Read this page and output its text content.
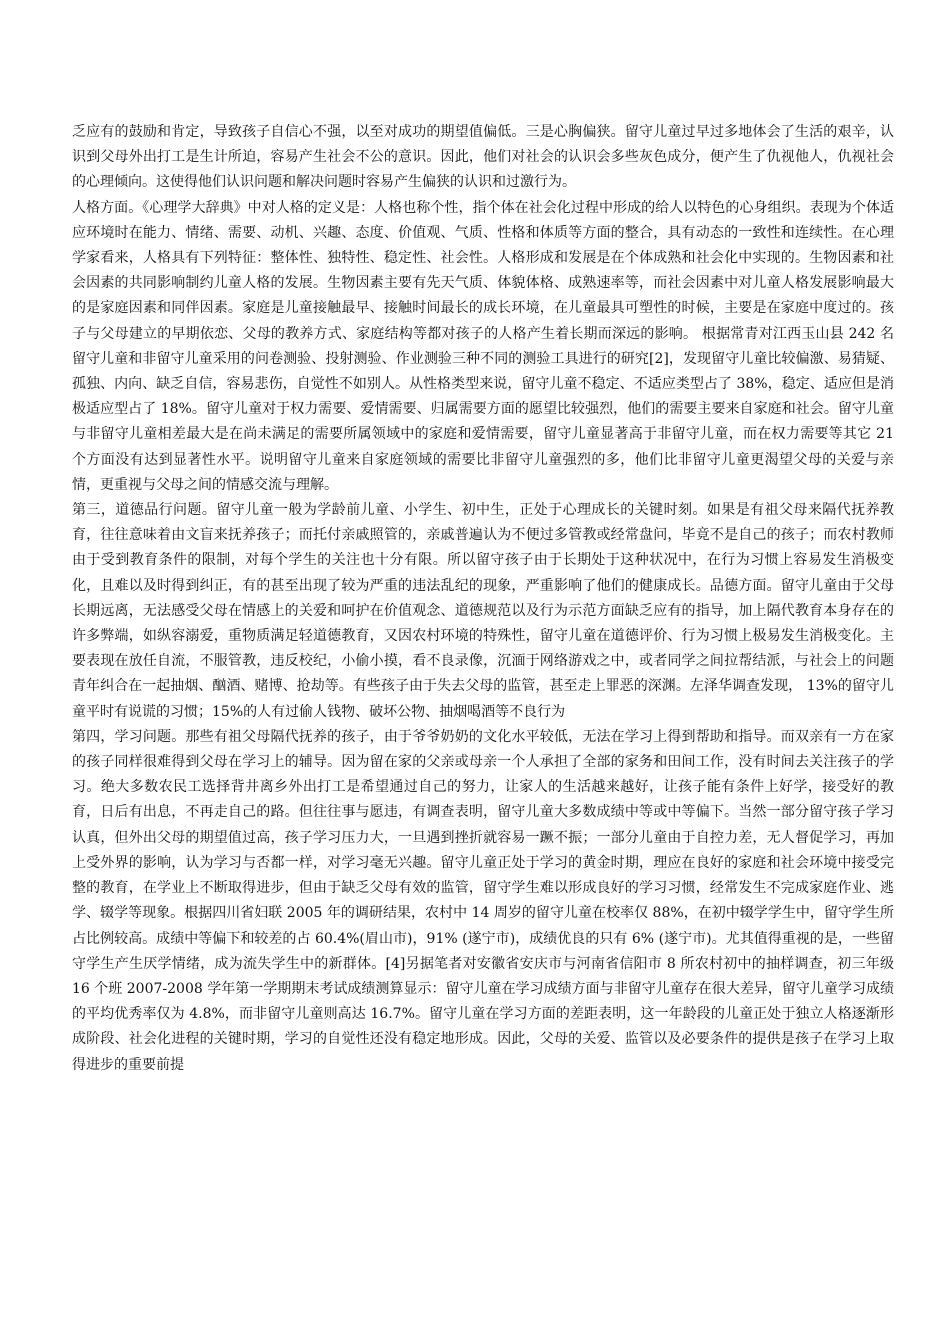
乏应有的鼓励和肯定，导致孩子自信心不强，以至对成功的期望值偏低。三是心胸偏狭。留守儿童过早过多地体会了生活的艰辛，认识到父母外出打工是生计所迫，容易产生社会不公的意识。因此，他们对社会的认识会多些灰色成分，便产生了仇视他人，仇视社会的心理倾向。这使得他们认识问题和解决问题时容易产生偏狭的认识和过激行为。

人格方面。《心理学大辞典》中对人格的定义是：人格也称个性，指个体在社会化过程中形成的给人以特色的心身组织。表现为个体适应环境时在能力、情绪、需要、动机、兴趣、态度、价值观、气质、性格和体质等方面的整合，具有动态的一致性和连续性。在心理学家看来，人格具有下列特征：整体性、独特性、稳定性、社会性。人格形成和发展是在个体成熟和社会化中实现的。生物因素和社会因素的共同影响制约儿童人格的发展。生物因素主要有先天气质、体貌体格、成熟速率等，而社会因素中对儿童人格发展影响最大的是家庭因素和同伴因素。家庭是儿童接触最早、接触时间最长的成长环境，在儿童最具可塑性的时候，主要是在家庭中度过的。孩子与父母建立的早期依恋、父母的教养方式、家庭结构等都对孩子的人格产生着长期而深远的影响。 根据常青对江西玉山县 242 名留守儿童和非留守儿童采用的问卷测验、投射测验、作业测验三种不同的测验工具进行的研究[2]，发现留守儿童比较偏激、易猜疑、孤独、内向、缺乏自信，容易悲伤，自觉性不如别人。从性格类型来说，留守儿童不稳定、不适应类型占了 38%，稳定、适应但是消极适应型占了 18%。留守儿童对于权力需要、爱情需要、归属需要方面的愿望比较强烈，他们的需要主要来自家庭和社会。留守儿童与非留守儿童相差最大是在尚未满足的需要所属领域中的家庭和爱情需要，留守儿童显著高于非留守儿童，而在权力需要等其它 21 个方面没有达到显著性水平。说明留守儿童来自家庭领域的需要比非留守儿童强烈的多，他们比非留守儿童更渴望父母的关爱与亲情，更重视与父母之间的情感交流与理解。

第三，道德品行问题。留守儿童一般为学龄前儿童、小学生、初中生，正处于心理成长的关键时刻。如果是有祖父母来隔代抚养教育，往往意味着由文盲来抚养孩子；而托付亲戚照管的，亲戚普遍认为不便过多管教或经常盘问，毕竟不是自己的孩子；而农村教师由于受到教育条件的限制，对每个学生的关注也十分有限。所以留守孩子由于长期处于这种状况中，在行为习惯上容易发生消极变化，且难以及时得到纠正，有的甚至出现了较为严重的违法乱纪的现象，严重影响了他们的健康成长。品德方面。留守儿童由于父母长期远离，无法感受父母在情感上的关爱和呵护在价值观念、道德规范以及行为示范方面缺乏应有的指导，加上隔代教育本身存在的许多弊端，如纵容溺爱，重物质满足轻道德教育，又因农村环境的特殊性，留守儿童在道德评价、行为习惯上极易发生消极变化。主要表现在放任自流，不服管教，违反校纪，小偷小摸，看不良录像，沉湎于网络游戏之中，或者同学之间拉帮结派，与社会上的问题青年纠合在一起抽烟、酗酒、赌博、抢劫等。有些孩子由于失去父母的监管，甚至走上罪恶的深渊。左泽华调查发现， 13%的留守儿童平时有说谎的习惯；15%的人有过偷人钱物、破坏公物、抽烟喝酒等不良行为

第四，学习问题。那些有祖父母隔代抚养的孩子，由于爷爷奶奶的文化水平较低，无法在学习上得到帮助和指导。而双亲有一方在家的孩子同样很难得到父母在学习上的辅导。因为留在家的父亲或母亲一个人承担了全部的家务和田间工作，没有时间去关注孩子的学习。绝大多数农民工选择背井离乡外出打工是希望通过自己的努力，让家人的生活越来越好，让孩子能有条件上好学，接受好的教育，日后有出息，不再走自己的路。但往往事与愿违，有调查表明，留守儿童大多数成绩中等或中等偏下。当然一部分留守孩子学习认真，但外出父母的期望值过高，孩子学习压力大，一旦遇到挫折就容易一蹶不振；一部分儿童由于自控力差，无人督促学习，再加上受外界的影响，认为学习与否都一样，对学习毫无兴趣。留守儿童正处于学习的黄金时期，理应在良好的家庭和社会环境中接受完整的教育，在学业上不断取得进步，但由于缺乏父母有效的监管，留守学生难以形成良好的学习习惯，经常发生不完成家庭作业、逃学、辍学等现象。根据四川省妇联 2005 年的调研结果，农村中 14 周岁的留守儿童在校率仅 88%，在初中辍学学生中，留守学生所占比例较高。成绩中等偏下和较差的占 60.4%(眉山市)，91% (遂宁市)，成绩优良的只有 6% (遂宁市)。尤其值得重视的是，一些留守学生产生厌学情绪，成为流失学生中的新群体。[4]另据笔者对安徽省安庆市与河南省信阳市 8 所农村初中的抽样调查，初三年级 16 个班 2007-2008 学年第一学期期末考试成绩测算显示：留守儿童在学习成绩方面与非留守儿童存在很大差异，留守儿童学习成绩的平均优秀率仅为 4.8%，而非留守儿童则高达 16.7%。留守儿童在学习方面的差距表明，这一年龄段的儿童正处于独立人格逐渐形成阶段、社会化进程的关键时期，学习的自觉性还没有稳定地形成。因此，父母的关爱、监管以及必要条件的提供是孩子在学习上取得进步的重要前提
